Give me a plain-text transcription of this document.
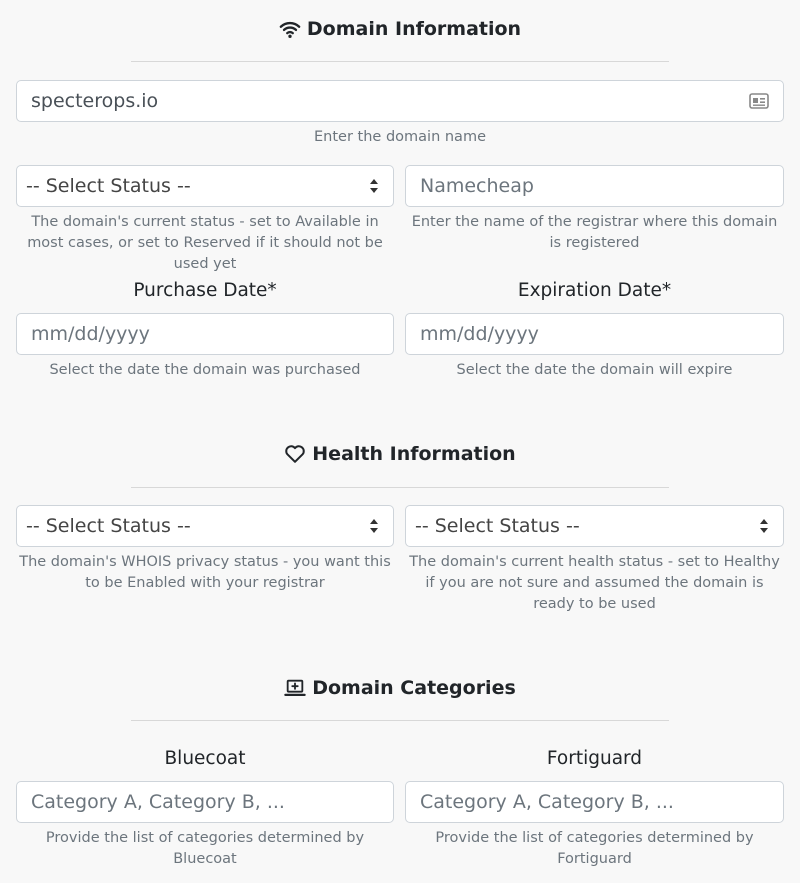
Domain Information
specterops.io
Enter the domain name
-- Select Status --
The domain's current status - set to Available in most cases, or set to Reserved if it should not be used yet
Namecheap
Enter the name of the registrar where this domain is registered
Purchase Date*	Expiration Date*
mm/dd/yyyy
Select the date the domain was purchased
mm/dd/yyyy
Select the date the domain will expire
Health Information
-- Select Status --
The domain's WHOIS privacy status - you want this to be Enabled with your registrar
-- Select Status --
The domain's current health status - set to Healthy if you are not sure and assumed the domain is ready to be used
Domain Categories
Bluecoat	Fortiguard
Category A, Category B, ...
Provide the list of categories determined by Bluecoat
Category A, Category B, ...
Provide the list of categories determined by Fortiguard
